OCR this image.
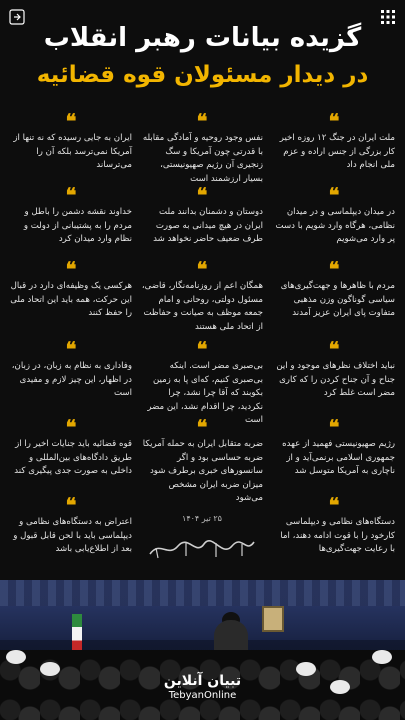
گزیده بیانات رهبر انقلاب
در دیدار مسئولان قوه قضائیه
❝
ملت ایران در جنگ ۱۲ روزه اخیر کار بزرگی از جنس اراده و عزم ملی انجام داد
❝
نفس وجود روحیه و آمادگی مقابله با قدرتی چون آمریکا و سگ زنجیری آن رژیم صهیونیستی، بسیار ارزشمند است
❝
ایران به جایی رسیده که نه تنها از آمریکا نمی‌ترسد بلکه آن را می‌ترساند
❝
در میدان دیپلماسی و در میدان نظامی، هرگاه وارد شویم با دست پر وارد می‌شویم
❝
دوستان و دشمنان بدانند ملت ایران در هیچ میدانی به صورت طرف ضعیف حاضر نخواهد شد
❝
خداوند نقشه دشمن را باطل و مردم را به پشتیبانی از دولت و نظام وارد میدان کرد
❝
مردم با ظاهرها و جهت‌گیری‌های سیاسی گوناگون وزن مذهبی متفاوت پای ایران عزیز آمدند
❝
همگان اعم از روزنامه‌نگار، قاضی، مسئول دولتی، روحانی و امام جمعه موظف به صیانت و حفاظت از اتحاد ملی هستند
❝
هرکسی یک وظیفه‌ای دارد در قبال این حرکت، همه باید این اتحاد ملی را حفظ کنند
❝
نباید اختلاف نظرهای موجود و این جناح و آن جناح کردن را که کاری مضر است غلط کرد
❝
بی‌صبری مضر است. اینکه بی‌صبری کنیم، که‌ای پا به زمین بکوبند که آقا چرا نشد، چرا نکردید، چرا اقدام نشد، این مضر است
❝
وفاداری به نظام به زبان، در زبان، در اظهار، این چیز لازم و مفیدی است
❝
رژیم صهیونیستی فهمید از عهده جمهوری اسلامی برنمی‌آید و از ناچاری به آمریکا متوسل شد
❝
ضربه متقابل ایران به حمله آمریکا ضربه حساسی بود و اگر سانسورهای خبری برطرف شود میزان ضربه ایران مشخص می‌شود
❝
قوه قضائیه باید جنایات اخیر را از طریق دادگاه‌های بین‌المللی و داخلی به صورت جدی پیگیری کند
❝
دستگاه‌های نظامی و دیپلماسی کارخود را با قوت ادامه دهند، اما با رعایت جهت‌گیری‌ها
❝
اعتراض به دستگاه‌های نظامی و دیپلماسی باید با لحن قابل قبول و بعد از اطلاع‌یابی باشد
۲۵ تیر ۱۴۰۴
تبیان آنلاین
TebyanOnline
